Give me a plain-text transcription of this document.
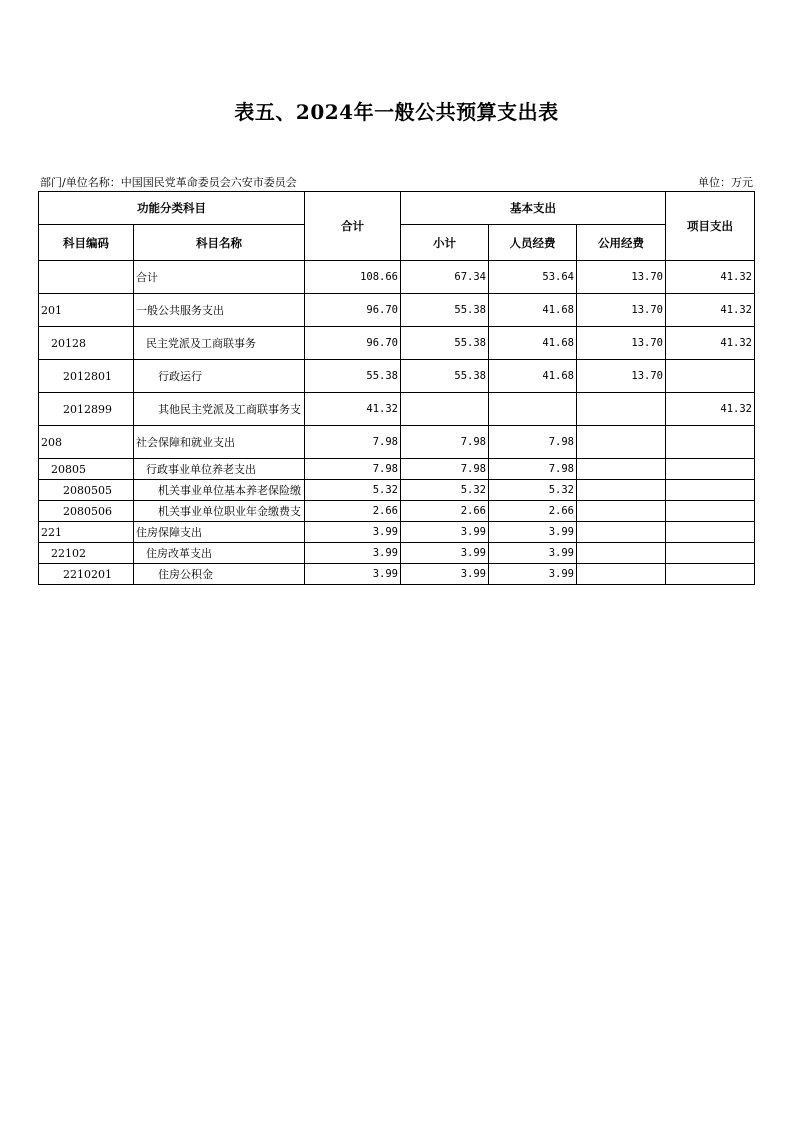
表五、2024年一般公共预算支出表
部门/单位名称：中国国民党革命委员会六安市委员会	单位：万元
功能分类科目		合计	基本支出			项目支出
科目编码	科目名称		小计	人员经费	公用经费	
	合计	108.66	67.34	53.64	13.70	41.32
201	一般公共服务支出	96.70	55.38	41.68	13.70	41.32
20128	民主党派及工商联事务	96.70	55.38	41.68	13.70	41.32
2012801	行政运行	55.38	55.38	41.68	13.70	
2012899	其他民主党派及工商联事务支	41.32				41.32
208	社会保障和就业支出	7.98	7.98	7.98		
20805	行政事业单位养老支出	7.98	7.98	7.98		
2080505	机关事业单位基本养老保险缴	5.32	5.32	5.32		
2080506	机关事业单位职业年金缴费支	2.66	2.66	2.66		
221	住房保障支出	3.99	3.99	3.99		
22102	住房改革支出	3.99	3.99	3.99		
2210201	住房公积金	3.99	3.99	3.99		
